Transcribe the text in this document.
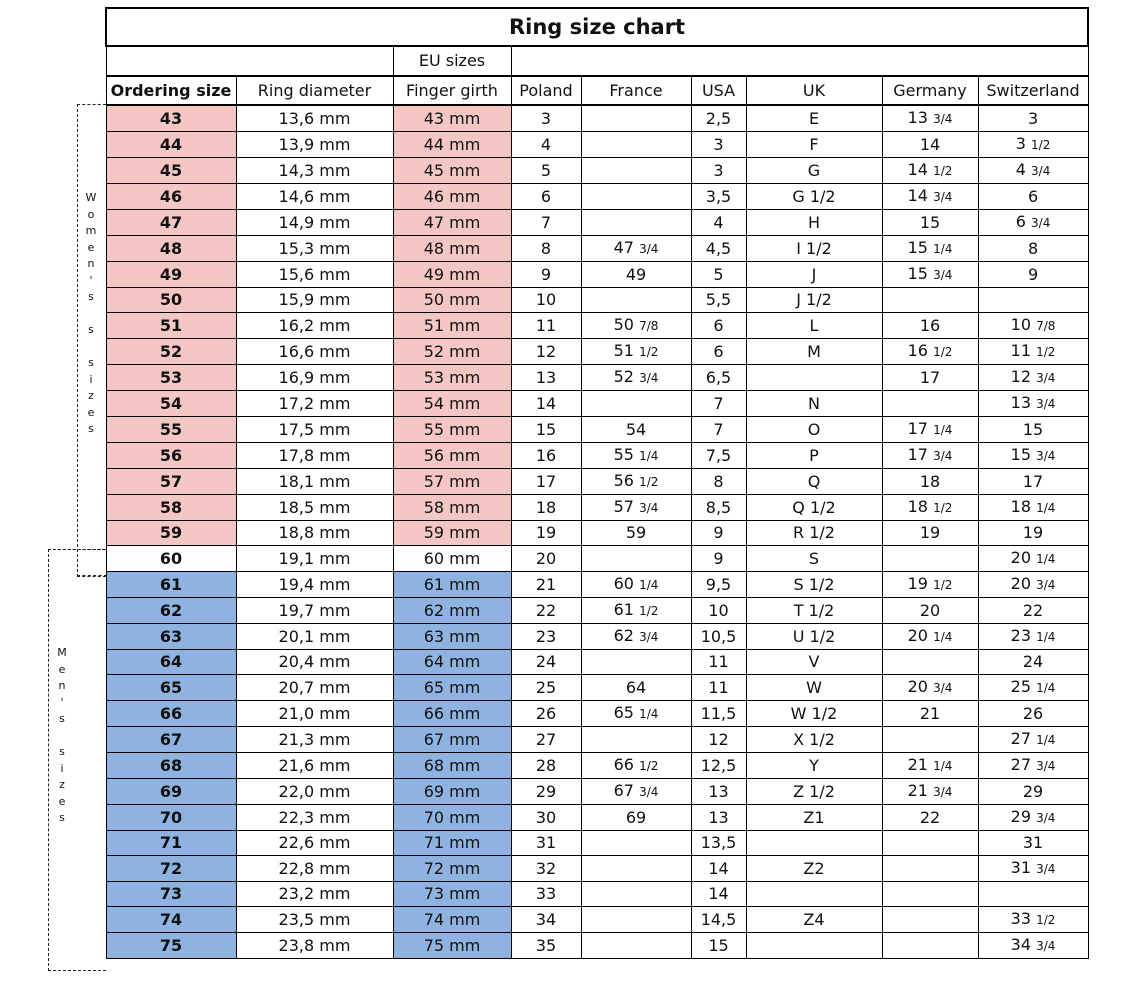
W
o
m
e
n
'
s

s

s
i
z
e
s
M
e
n
'
s

s
i
z
e
s
Ring size chart								
		EU sizes						
Ordering size	Ring diameter	Finger girth	Poland	France	USA	UK	Germany	Switzerland
43	13,6 mm	43 mm	3		2,5	E	13 3/4	3
44	13,9 mm	44 mm	4		3	F	14	3 1/2
45	14,3 mm	45 mm	5		3	G	14 1/2	4 3/4
46	14,6 mm	46 mm	6		3,5	G 1/2	14 3/4	6
47	14,9 mm	47 mm	7		4	H	15	6 3/4
48	15,3 mm	48 mm	8	47 3/4	4,5	I 1/2	15 1/4	8
49	15,6 mm	49 mm	9	49	5	J	15 3/4	9
50	15,9 mm	50 mm	10		5,5	J 1/2		
51	16,2 mm	51 mm	11	50 7/8	6	L	16	10 7/8
52	16,6 mm	52 mm	12	51 1/2	6	M	16 1/2	11 1/2
53	16,9 mm	53 mm	13	52 3/4	6,5		17	12 3/4
54	17,2 mm	54 mm	14		7	N		13 3/4
55	17,5 mm	55 mm	15	54	7	O	17 1/4	15
56	17,8 mm	56 mm	16	55 1/4	7,5	P	17 3/4	15 3/4
57	18,1 mm	57 mm	17	56 1/2	8	Q	18	17
58	18,5 mm	58 mm	18	57 3/4	8,5	Q 1/2	18 1/2	18 1/4
59	18,8 mm	59 mm	19	59	9	R 1/2	19	19
60	19,1 mm	60 mm	20		9	S		20 1/4
61	19,4 mm	61 mm	21	60 1/4	9,5	S 1/2	19 1/2	20 3/4
62	19,7 mm	62 mm	22	61 1/2	10	T 1/2	20	22
63	20,1 mm	63 mm	23	62 3/4	10,5	U 1/2	20 1/4	23 1/4
64	20,4 mm	64 mm	24		11	V		24
65	20,7 mm	65 mm	25	64	11	W	20 3/4	25 1/4
66	21,0 mm	66 mm	26	65 1/4	11,5	W 1/2	21	26
67	21,3 mm	67 mm	27		12	X 1/2		27 1/4
68	21,6 mm	68 mm	28	66 1/2	12,5	Y	21 1/4	27 3/4
69	22,0 mm	69 mm	29	67 3/4	13	Z 1/2	21 3/4	29
70	22,3 mm	70 mm	30	69	13	Z1	22	29 3/4
71	22,6 mm	71 mm	31		13,5			31
72	22,8 mm	72 mm	32		14	Z2		31 3/4
73	23,2 mm	73 mm	33		14			
74	23,5 mm	74 mm	34		14,5	Z4		33 1/2
75	23,8 mm	75 mm	35		15			34 3/4
